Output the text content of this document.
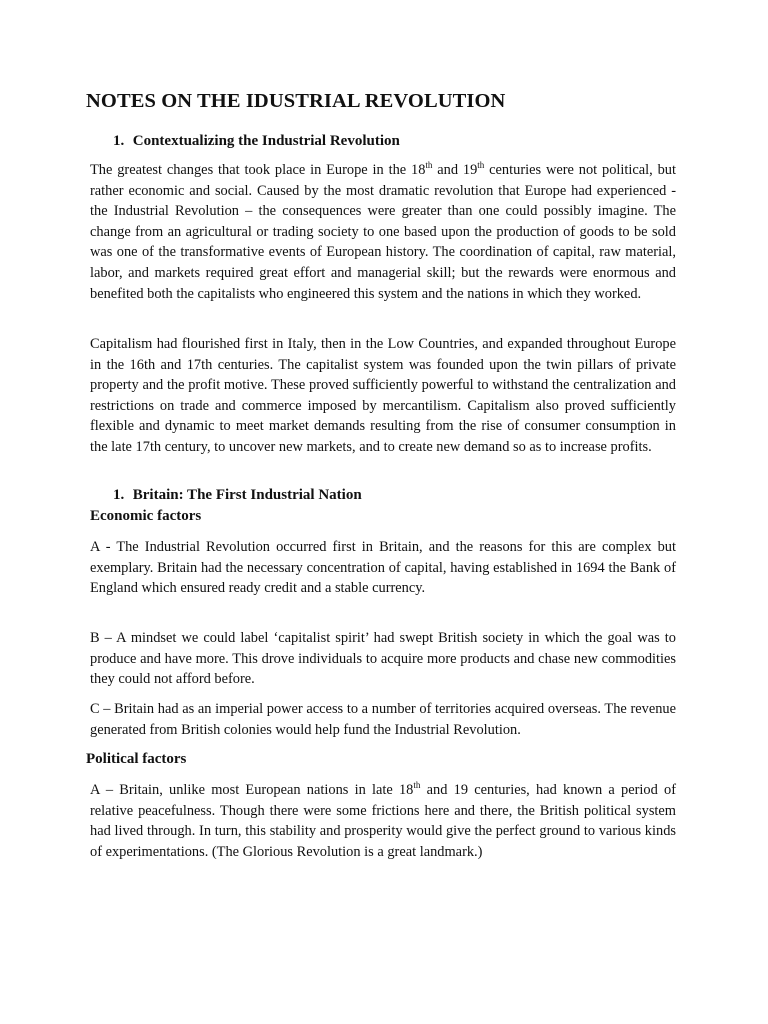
NOTES ON THE IDUSTRIAL REVOLUTION
1. Contextualizing the Industrial Revolution
The greatest changes that took place in Europe in the 18th and 19th centuries were not political, but rather economic and social. Caused by the most dramatic revolution that Europe had experienced - the Industrial Revolution – the consequences were greater than one could possibly imagine. The change from an agricultural or trading society to one based upon the production of goods to be sold was one of the transformative events of European history. The coordination of capital, raw material, labor, and markets required great effort and managerial skill; but the rewards were enormous and benefited both the capitalists who engineered this system and the nations in which they worked.
Capitalism had flourished first in Italy, then in the Low Countries, and expanded throughout Europe in the 16th and 17th centuries. The capitalist system was founded upon the twin pillars of private property and the profit motive. These proved sufficiently powerful to withstand the centralization and restrictions on trade and commerce imposed by mercantilism. Capitalism also proved sufficiently flexible and dynamic to meet market demands resulting from the rise of consumer consumption in the late 17th century, to uncover new markets, and to create new demand so as to increase profits.
1. Britain: The First Industrial Nation
Economic factors
A - The Industrial Revolution occurred first in Britain, and the reasons for this are complex but exemplary. Britain had the necessary concentration of capital, having established in 1694 the Bank of England which ensured ready credit and a stable currency.
B – A mindset we could label ‘capitalist spirit’ had swept British society in which the goal was to produce and have more. This drove individuals to acquire more products and chase new commodities they could not afford before.
C – Britain had as an imperial power access to a number of territories acquired overseas. The revenue generated from British colonies would help fund the Industrial Revolution.
Political factors
A – Britain, unlike most European nations in late 18th and 19 centuries, had known a period of relative peacefulness. Though there were some frictions here and there, the British political system had lived through. In turn, this stability and prosperity would give the perfect ground to various kinds of experimentations. (The Glorious Revolution is a great landmark.)
